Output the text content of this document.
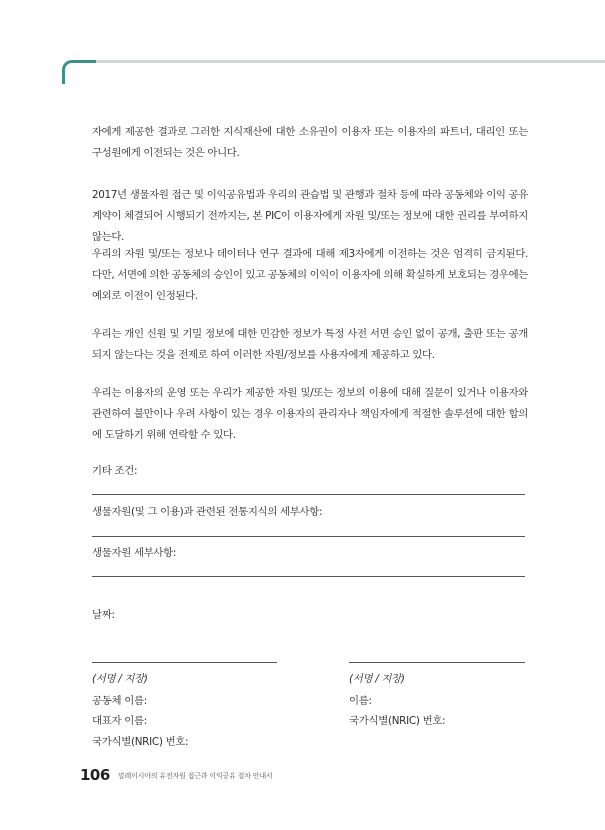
자에게 제공한 결과로 그러한 지식재산에 대한 소유권이 이용자 또는 이용자의 파트너, 대리인 또는 구성원에게 이전되는 것은 아니다.

2017년 생물자원 접근 및 이익공유법과 우리의 관습법 및 관행과 절차 등에 따라 공동체와 이익 공유 계약이 체결되어 시행되기 전까지는, 본 PIC이 이용자에게 자원 및/또는 정보에 대한 권리를 부여하지 않는다.

우리의 자원 및/또는 정보나 데이터나 연구 결과에 대해 제3자에게 이전하는 것은 엄격히 금지된다. 다만, 서면에 의한 공동체의 승인이 있고 공동체의 이익이 이용자에 의해 확실하게 보호되는 경우에는 예외로 이전이 인정된다.

우리는 개인 신원 및 기밀 정보에 대한 민감한 정보가 특정 사전 서면 승인 없이 공개, 출판 또는 공개되지 않는다는 것을 전제로 하여 이러한 자원/정보를 사용자에게 제공하고 있다.

우리는 이용자의 운영 또는 우리가 제공한 자원 및/또는 정보의 이용에 대해 질문이 있거나 이용자와 관련하여 불만이나 우려 사항이 있는 경우 이용자의 관리자나 책임자에게 적절한 솔루션에 대한 합의에 도달하기 위해 연락할 수 있다.

기타 조건:
생물자원(및 그 이용)과 관련된 전통지식의 세부사항:
생물자원 세부사항:
날짜:
(서명 / 지장)
공동체 이름:
대표자 이름:
국가식별(NRIC) 번호:
(서명 / 지장)
이름:
국가식별(NRIC) 번호:
106 말레이시아의 유전자원 접근과 이익공유 절차 안내서
